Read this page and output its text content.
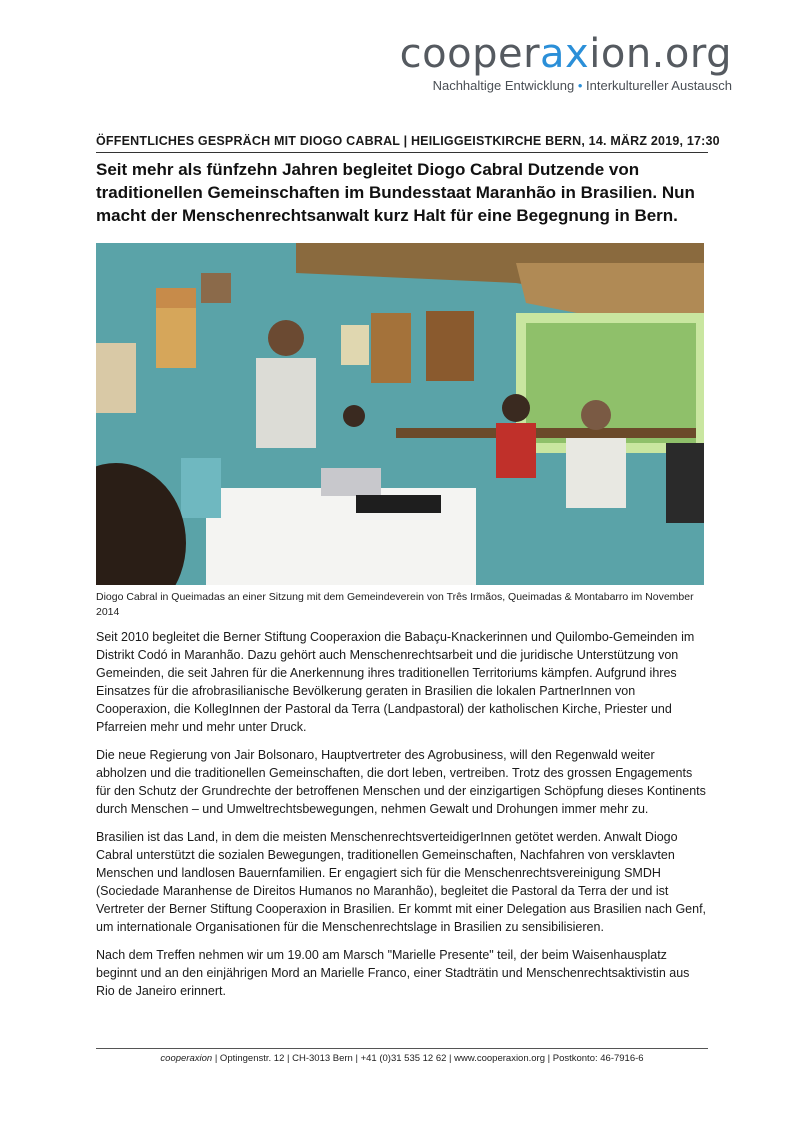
cooperaxion.org
Nachhaltige Entwicklung • Interkultureller Austausch
ÖFFENTLICHES GESPRÄCH MIT DIOGO CABRAL | HEILIGGEISTKIRCHE BERN, 14. MÄRZ 2019, 17:30
Seit mehr als fünfzehn Jahren begleitet Diogo Cabral Dutzende von traditionellen Gemeinschaften im Bundesstaat Maranhão in Brasilien. Nun macht der Menschenrechtsanwalt kurz Halt für eine Begegnung in Bern.
Diogo Cabral in Queimadas an einer Sitzung mit dem Gemeindeverein von Três Irmãos, Queimadas & Montabarro im November 2014

Seit 2010 begleitet die Berner Stiftung Cooperaxion die Babaçu-Knackerinnen und Quilombo-Gemeinden im Distrikt Codó in Maranhão. Dazu gehört auch Menschenrechtsarbeit und die juridische Unterstützung von Gemeinden, die seit Jahren für die Anerkennung ihres traditionellen Territoriums kämpfen. Aufgrund ihres Einsatzes für die afrobrasilianische Bevölkerung geraten in Brasilien die lokalen PartnerInnen von Cooperaxion, die KollegInnen der Pastoral da Terra (Landpastoral) der katholischen Kirche, Priester und Pfarreien mehr und mehr unter Druck.

Die neue Regierung von Jair Bolsonaro, Hauptvertreter des Agrobusiness, will den Regenwald weiter abholzen und die traditionellen Gemeinschaften, die dort leben, vertreiben. Trotz des grossen Engagements für den Schutz der Grundrechte der betroffenen Menschen und der einzigartigen Schöpfung dieses Kontinents durch Menschen – und Umweltrechtsbewegungen, nehmen Gewalt und Drohungen immer mehr zu.

Brasilien ist das Land, in dem die meisten MenschenrechtsverteidigerInnen getötet werden. Anwalt Diogo Cabral unterstützt die sozialen Bewegungen, traditionellen Gemeinschaften, Nachfahren von versklavten Menschen und landlosen Bauernfamilien. Er engagiert sich für die Menschenrechtsvereinigung SMDH (Sociedade Maranhense de Direitos Humanos no Maranhão), begleitet die Pastoral da Terra der und ist Vertreter der Berner Stiftung Cooperaxion in Brasilien. Er kommt mit einer Delegation aus Brasilien nach Genf, um internationale Organisationen für die Menschenrechtslage in Brasilien zu sensibilisieren.

Nach dem Treffen nehmen wir um 19.00 am Marsch "Marielle Presente" teil, der beim Waisenhausplatz beginnt und an den einjährigen Mord an Marielle Franco, einer Stadträtin und Menschenrechtsaktivistin aus Rio de Janeiro erinnert.

cooperaxion | Optingenstr. 12 | CH-3013 Bern | +41 (0)31 535 12 62 | www.cooperaxion.org | Postkonto: 46-7916-6
